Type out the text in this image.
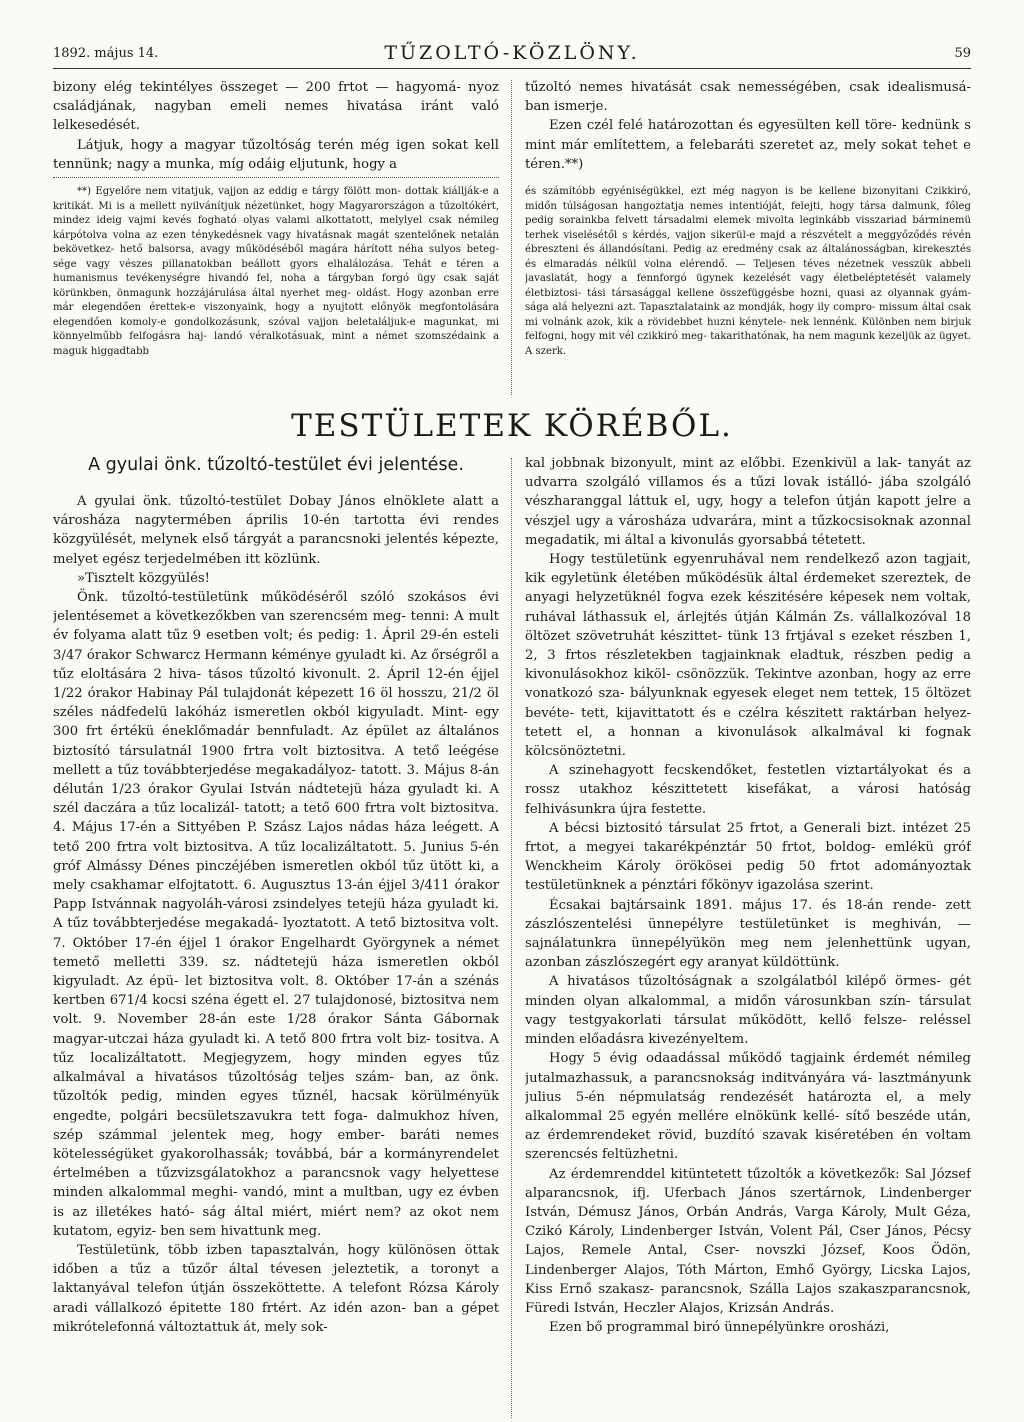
1892. május 14.	TŰZOLTÓ-KÖZLÖNY.	59

bizony elég tekintélyes összeget — 200 frtot — hagyomá- nyoz családjának, nagyban emeli nemes hivatása iránt való lelkesedését.

Látjuk, hogy a magyar tűzoltóság terén még igen sokat kell tennünk; nagy a munka, míg odáig eljutunk, hogy a

tűzoltó nemes hivatását csak nemességében, csak idealismusá- ban ismerje.

Ezen czél felé határozottan és egyesülten kell töre- kednünk s mint már említettem, a felebaráti szeretet az, mely sokat tehet e téren.**)

**) Egyelőre nem vitatjuk, vajjon az eddig e tárgy fölött mon- dottak kiállják-e a kritikát. Mi is a mellett nyilvánítjuk nézetünket, hogy Magyarországon a tűzoltókért, mindez ideig vajmi kevés fogható olyas valami alkottatott, melylyel csak némileg kárpótolva volna az ezen ténykedésnek vagy hivatásnak magát szentelőnek netalán bekövetkez- hető balsorsa, avagy működéséből magára hárított néha sulyos beteg- sége vagy vészes pillanatokban beállott gyors elhalálozása. Tehát e téren a humanismus tevékenységre hivandó fel, noha a tárgyban forgó ügy csak saját körünkben, önmagunk hozzájárulása által nyerhet meg- oldást. Hogy azonban erre már elegendően érettek-e viszonyaink, hogy a nyujtott előnyök megfontolására elegendően komoly-e gondolkozásunk, szóval vajjon beletaláljuk-e magunkat, mi könnyelműbb felfogásra haj- landó véralkotásuak, mint a német szomszédaink a maguk higgadtabb

és számítóbb egyéniségükkel, ezt még nagyon is be kellene bizonyitani Czikkiró, midőn túlságosan hangoztatja nemes intentióját, felejti, hogy társa dalmunk, főleg pedig sorainkba felvett társadalmi elemek mivolta leginkább visszariad bárminemü terhek viselésétől s kérdés, vajjon sikerül-e majd a részvételt a meggyőződés révén ébreszteni és állandósítani. Pedig az eredmény csak az általánosságban, kirekesztés és elmaradás nélkül volna elérendő. — Teljesen téves nézetnek vesszük abbeli javaslatát, hogy a fennforgó ügynek kezelését vagy életbeléptetését valamely életbiztosi- tási társasággal kellene összefüggésbe hozni, quasi az olyannak gyám- sága alá helyezni azt. Tapasztalataink az mondják, hogy ily compro- missum által csak mi volnánk azok, kik a rövidebbet huzni kénytele- nek lennénk. Különben nem birjuk felfogni, hogy mit vél czikkiró meg- takarithatónak, ha nem magunk kezeljük az ügyet. A szerk.

TESTÜLETEK KÖRÉBŐL.
A gyulai önk. tűzoltó-testület évi jelentése.

A gyulai önk. tűzoltó-testület Dobay János elnöklete alatt a városháza nagytermében április 10-én tartotta évi rendes közgyülését, melynek első tárgyát a parancsnoki jelentés képezte, melyet egész terjedelmében itt közlünk.

»Tisztelt közgyülés!

Önk. tűzoltó-testületünk működéséről szóló szokásos évi jelentésemet a következőkben van szerencsém meg- tenni: A mult év folyama alatt tűz 9 esetben volt; és pedig: 1. Ápril 29-én esteli 3/47 órakor Schwarcz Hermann kéménye gyuladt ki. Az őrségről a tűz eloltására 2 hiva- tásos tűzoltó kivonult. 2. Ápril 12-én éjjel 1/22 órakor Habinay Pál tulajdonát képezett 16 öl hosszu, 21/2 öl széles nádfedelü lakóház ismeretlen okból kigyuladt. Mint- egy 300 frt értékü éneklőmadár bennfuladt. Az épület az általános biztosító társulatnál 1900 frtra volt biztositva. A tető leégése mellett a tűz továbbterjedése megakadályoz- tatott. 3. Május 8-án délután 1/23 órakor Gyulai István nádtetejü háza gyuladt ki. A szél daczára a tűz localizál- tatott; a tető 600 frtra volt biztositva. 4. Május 17-én a Sittyében P. Szász Lajos nádas háza leégett. A tető 200 frtra volt biztositva. A tűz localizáltatott. 5. Junius 5-én gróf Almássy Dénes pinczéjében ismeretlen okból tűz ütött ki, a mely csakhamar elfojtatott. 6. Augusztus 13-án éjjel 3/411 órakor Papp Istvánnak nagyoláh-városi zsindelyes tetejü háza gyuladt ki. A tűz továbbterjedése megakadá- lyoztatott. A tető biztositva volt. 7. Október 17-én éjjel 1 órakor Engelhardt Györgynek a német temető melletti 339. sz. nádtetejü háza ismeretlen okból kigyuladt. Az épü- let biztositva volt. 8. Október 17-án a szénás kertben 671/4 kocsi széna égett el. 27 tulajdonosé, biztositva nem volt. 9. November 28-án este 1/28 órakor Sánta Gábornak magyar-utczai háza gyuladt ki. A tető 800 frtra volt biz- tositva. A tűz localizáltatott. Megjegyzem, hogy minden egyes tűz alkalmával a hivatásos tűzoltóság teljes szám- ban, az önk. tűzoltók pedig, minden egyes tűznél, hacsak körülményük engedte, polgári becsületszavukra tett foga- dalmukhoz híven, szép számmal jelentek meg, hogy ember- baráti nemes kötelességüket gyakorolhassák; továbbá, bár a kormányrendelet értelmében a tűzvizsgálatokhoz a parancsnok vagy helyettese minden alkalommal meghi- vandó, mint a multban, ugy ez évben is az illetékes ható- ság által miért, miért nem? az okot nem kutatom, egyiz- ben sem hivattunk meg.

Testületünk, több izben tapasztalván, hogy különösen öttak időben a tűz a tűzőr által tévesen jeleztetik, a toronyt a laktanyával telefon útján összeköttette. A telefont Rózsa Károly aradi vállalkozó épitette 180 frtért. Az idén azon- ban a gépet mikrótelefonná változtattuk át, mely sok-

kal jobbnak bizonyult, mint az előbbi. Ezenkivül a lak- tanyát az udvarra szolgáló villamos és a tűzi lovak istálló- jába szolgáló vészharanggal láttuk el, ugy, hogy a telefon útján kapott jelre a vészjel ugy a városháza udvarára, mint a tűzkocsisoknak azonnal megadatik, mi által a kivonulás gyorsabbá tétetett.

Hogy testületünk egyenruhával nem rendelkező azon tagjait, kik egyletünk életében működésük által érdemeket szereztek, de anyagi helyzetüknél fogva ezek készitésére képesek nem voltak, ruhával láthassuk el, árlejtés útján Kálmán Zs. vállalkozóval 18 öltözet szövetruhát készittet- tünk 13 frtjával s ezeket részben 1, 2, 3 frtos részletekben tagjainknak eladtuk, részben pedig a kivonulásokhoz kiköl- csönözzük. Tekintve azonban, hogy az erre vonatkozó sza- bályunknak egyesek eleget nem tettek, 15 öltözet bevéte- tett, kijavittatott és e czélra készitett raktárban helyez- tetett el, a honnan a kivonulások alkalmával ki fognak kölcsönöztetni.

A szinehagyott fecskendőket, festetlen viztartályokat és a rossz utakhoz készittetett kisefákat, a városi hatóság felhivásunkra újra festette.

A bécsi biztositó társulat 25 frtot, a Generali bizt. intézet 25 frtot, a megyei takarékpénztár 50 frtot, boldog- emlékü gróf Wenckheim Károly örökösei pedig 50 frtot adományoztak testületünknek a pénztári főkönyv igazolása szerint.

Écsakai bajtársaink 1891. május 17. és 18-án rende- zett zászlószentelési ünnepélyre testületünket is meghiván, — sajnálatunkra ünnepélyükön meg nem jelenhettünk ugyan, azonban zászlószegért egy aranyat küldöttünk.

A hivatásos tűzoltóságnak a szolgálatból kilépő örmes- gét minden olyan alkalommal, a midőn városunkban szín- társulat vagy testgyakorlati társulat működött, kellő felsze- reléssel minden előadásra kivezényeltem.

Hogy 5 évig odaadással működő tagjaink érdemét némileg jutalmazhassuk, a parancsnokság inditványára vá- lasztmányunk julius 5-én népmulatság rendezését határozta el, a mely alkalommal 25 egyén mellére elnökünk kellé- sítő beszéde után, az érdemrendeket rövid, buzdító szavak kiséretében én voltam szerencsés feltüzhetni.

Az érdemrenddel kitüntetett tűzoltók a következők: Sal József alparancsnok, ifj. Uferbach János szertárnok, Lindenberger István, Démusz János, Orbán András, Varga Károly, Mult Géza, Czikó Károly, Lindenberger István, Volent Pál, Cser János, Pécsy Lajos, Remele Antal, Cser- novszki József, Koos Ödön, Lindenberger Alajos, Tóth Márton, Emhő György, Licska Lajos, Kiss Ernő szakasz- parancsnok, Szálla Lajos szakaszparancsnok, Füredi István, Heczler Alajos, Krizsán András.

Ezen bő programmal biró ünnepélyünkre orosházi,
